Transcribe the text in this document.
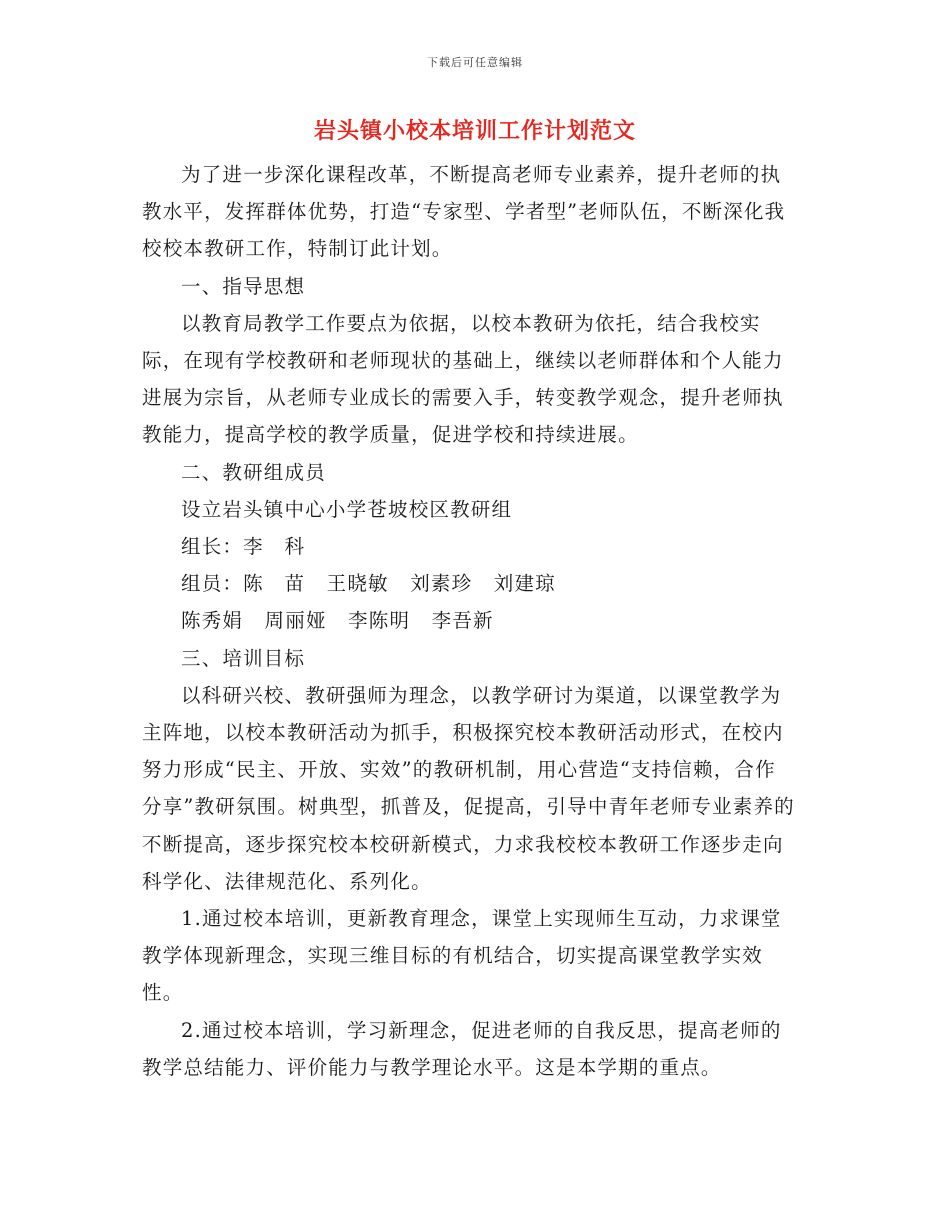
下载后可任意编辑
岩头镇小校本培训工作计划范文

为了进一步深化课程改革，不断提高老师专业素养，提升老师的执教水平，发挥群体优势，打造“专家型、学者型”老师队伍，不断深化我校校本教研工作，特制订此计划。

一、指导思想

以教育局教学工作要点为依据，以校本教研为依托，结合我校实际，在现有学校教研和老师现状的基础上，继续以老师群体和个人能力进展为宗旨，从老师专业成长的需要入手，转变教学观念，提升老师执教能力，提高学校的教学质量，促进学校和持续进展。

二、教研组成员

设立岩头镇中心小学苍坡校区教研组

组长：李　科

组员：陈　苗 王晓敏 刘素珍 刘建琼

陈秀娟 周丽娅 李陈明 李吾新

三、培训目标

以科研兴校、教研强师为理念，以教学研讨为渠道，以课堂教学为主阵地，以校本教研活动为抓手，积极探究校本教研活动形式，在校内努力形成“民主、开放、实效”的教研机制，用心营造“支持信赖，合作分享”教研氛围。树典型，抓普及，促提高，引导中青年老师专业素养的不断提高，逐步探究校本校研新模式，力求我校校本教研工作逐步走向科学化、法律规范化、系列化。

1.通过校本培训，更新教育理念，课堂上实现师生互动，力求课堂教学体现新理念，实现三维目标的有机结合，切实提高课堂教学实效性。

2.通过校本培训，学习新理念，促进老师的自我反思，提高老师的教学总结能力、评价能力与教学理论水平。这是本学期的重点。
